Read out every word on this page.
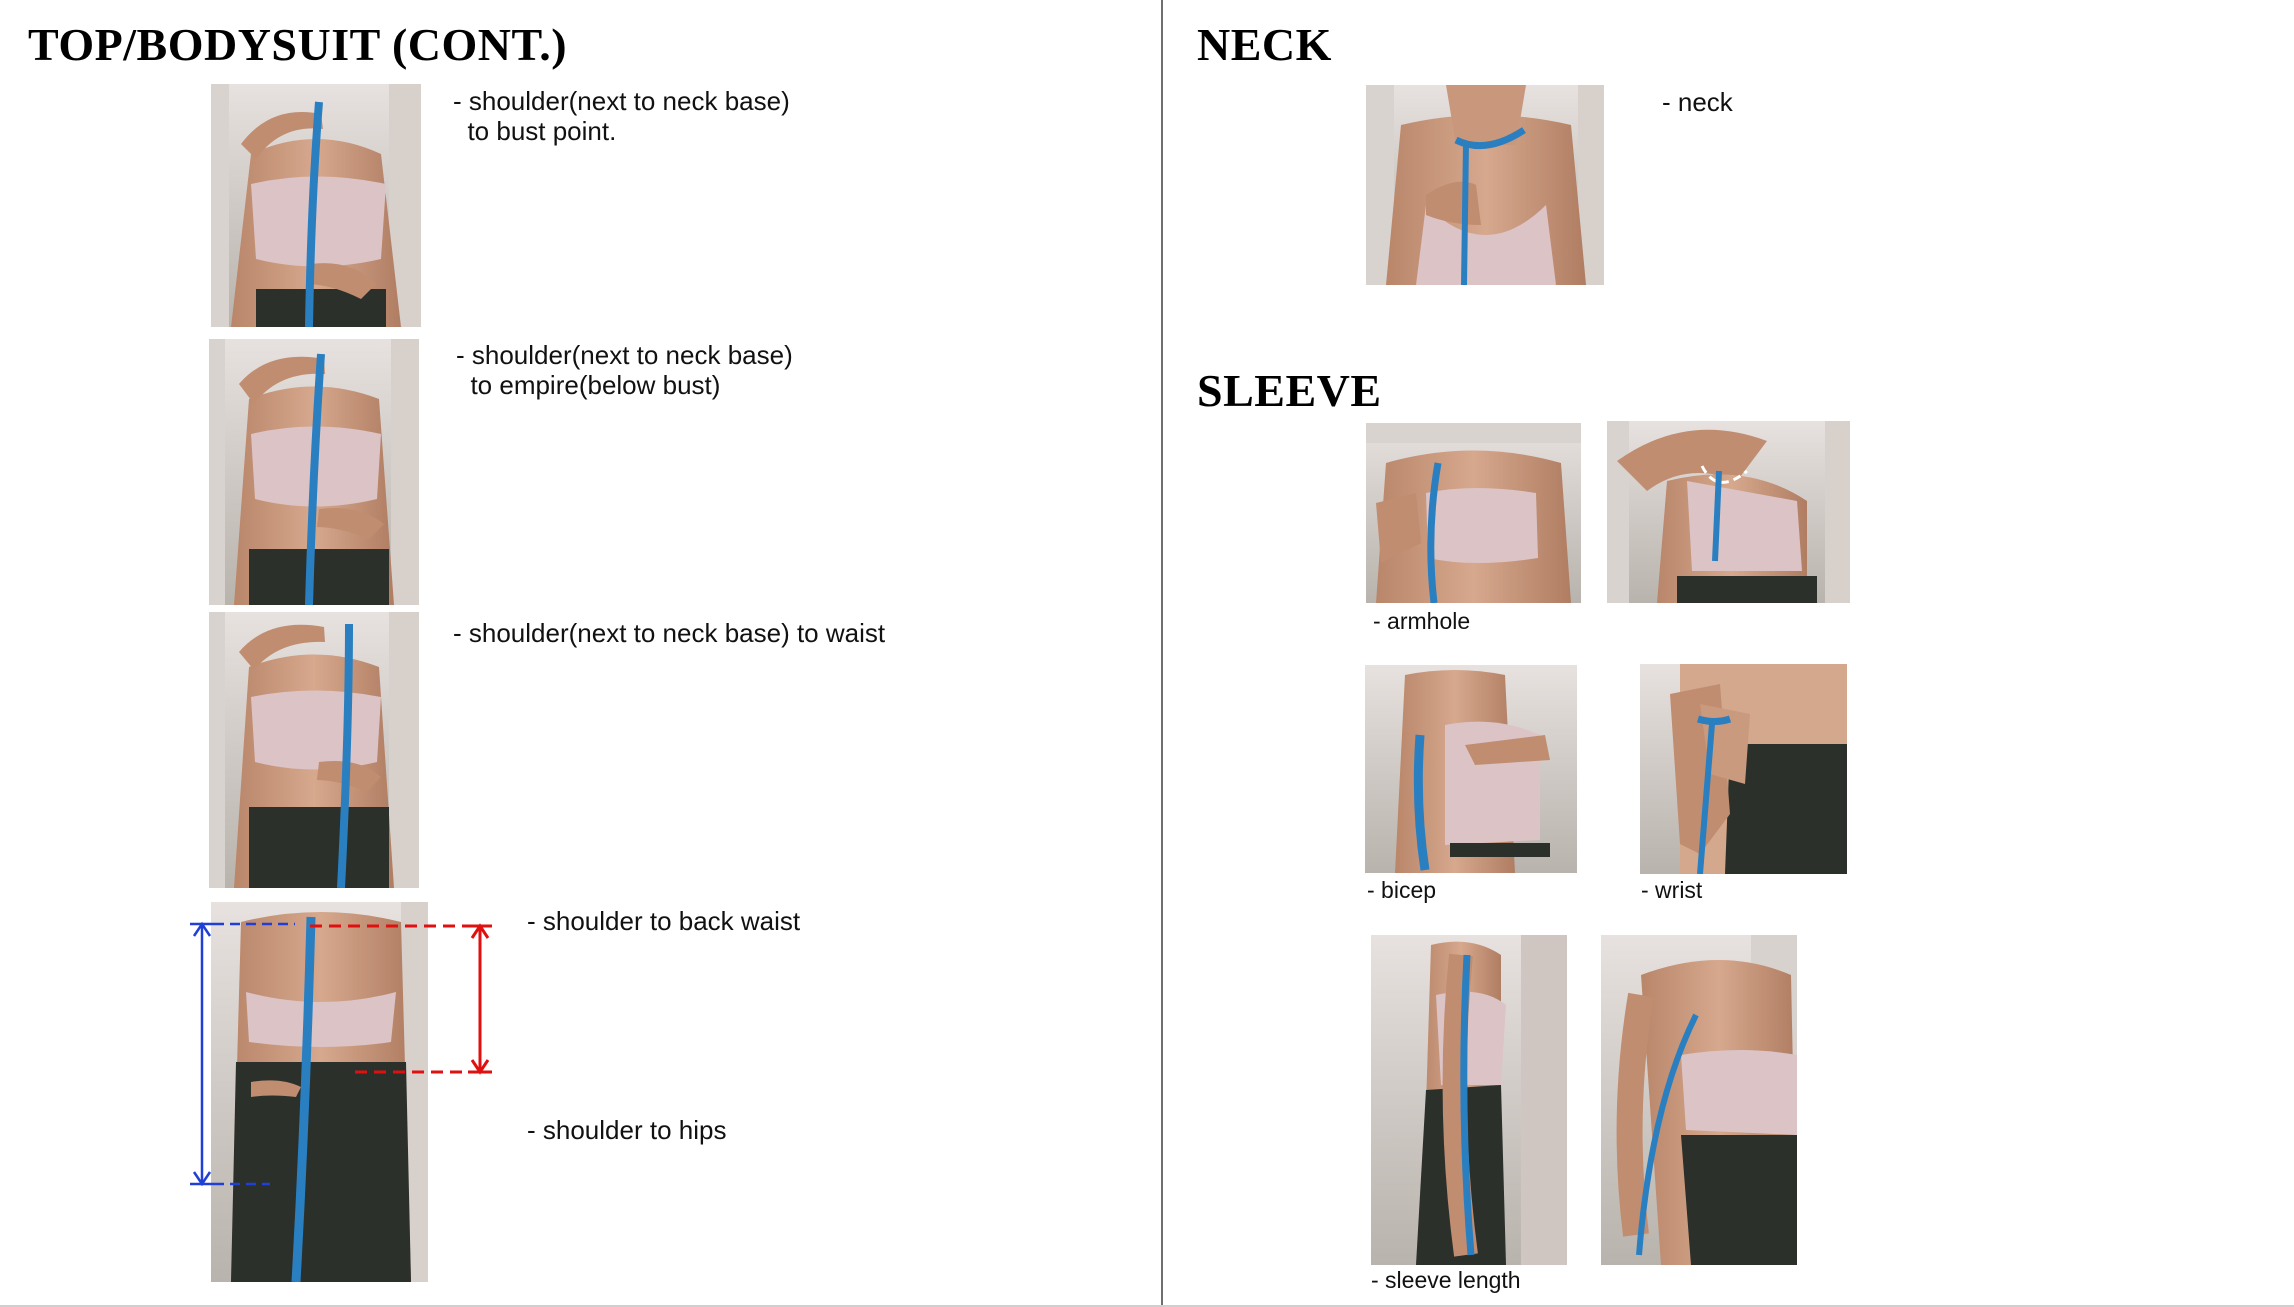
TOP/BODYSUIT (CONT.)
- shoulder(next to neck base)
to bust point.
- shoulder(next to neck base)
to empire(below bust)
- shoulder(next to neck base) to waist
- shoulder to back waist
- shoulder to hips
NECK
- neck
SLEEVE
- armhole
- bicep	- wrist
- sleeve length
